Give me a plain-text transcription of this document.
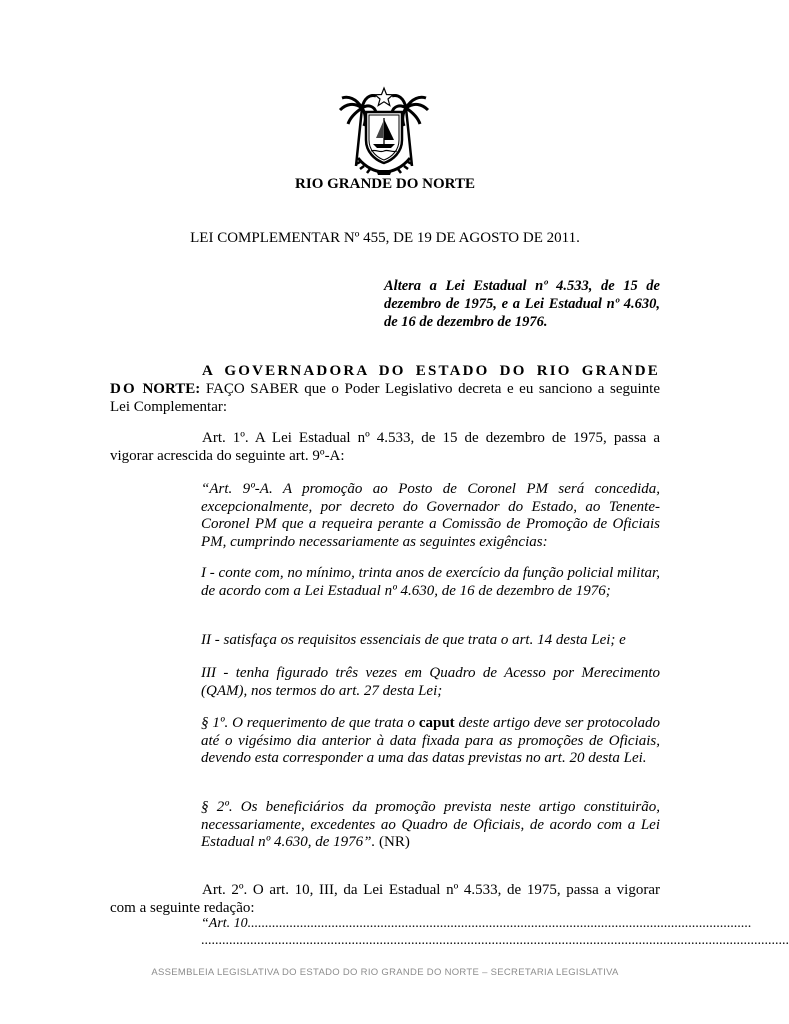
RIO GRANDE DO NORTE
LEI COMPLEMENTAR Nº 455, DE 19 DE AGOSTO DE 2011.
Altera a Lei Estadual nº 4.533, de 15 de dezembro de 1975, e a Lei Estadual nº 4.630, de 16 de dezembro de 1976.
A GOVERNADORA DO ESTADO DO RIO GRANDE DO NORTE: FAÇO SABER que o Poder Legislativo decreta e eu sanciono a seguinte Lei Complementar:
Art. 1º. A Lei Estadual nº 4.533, de 15 de dezembro de 1975, passa a vigorar acrescida do seguinte art. 9º-A:
“Art. 9º-A. A promoção ao Posto de Coronel PM será concedida, excepcionalmente, por decreto do Governador do Estado, ao Tenente-Coronel PM que a requeira perante a Comissão de Promoção de Oficiais PM, cumprindo necessariamente as seguintes exigências:
I - conte com, no mínimo, trinta anos de exercício da função policial militar, de acordo com a Lei Estadual nº 4.630, de 16 de dezembro de 1976;
II - satisfaça os requisitos essenciais de que trata o art. 14 desta Lei; e
III - tenha figurado três vezes em Quadro de Acesso por Merecimento (QAM), nos termos do art. 27 desta Lei;
§ 1º. O requerimento de que trata o caput deste artigo deve ser protocolado até o vigésimo dia anterior à data fixada para as promoções de Oficiais, devendo esta corresponder a uma das datas previstas no art. 20 desta Lei.
§ 2º. Os beneficiários da promoção prevista neste artigo constituirão, necessariamente, excedentes ao Quadro de Oficiais, de acordo com a Lei Estadual nº 4.630, de 1976”. (NR)
Art. 2º. O art. 10, III, da Lei Estadual nº 4.533, de 1975, passa a vigorar com a seguinte redação:
“Art. 10................................................................................................................................................
........................................................................................................................................................................
ASSEMBLEIA LEGISLATIVA DO ESTADO DO RIO GRANDE DO NORTE – SECRETARIA LEGISLATIVA
